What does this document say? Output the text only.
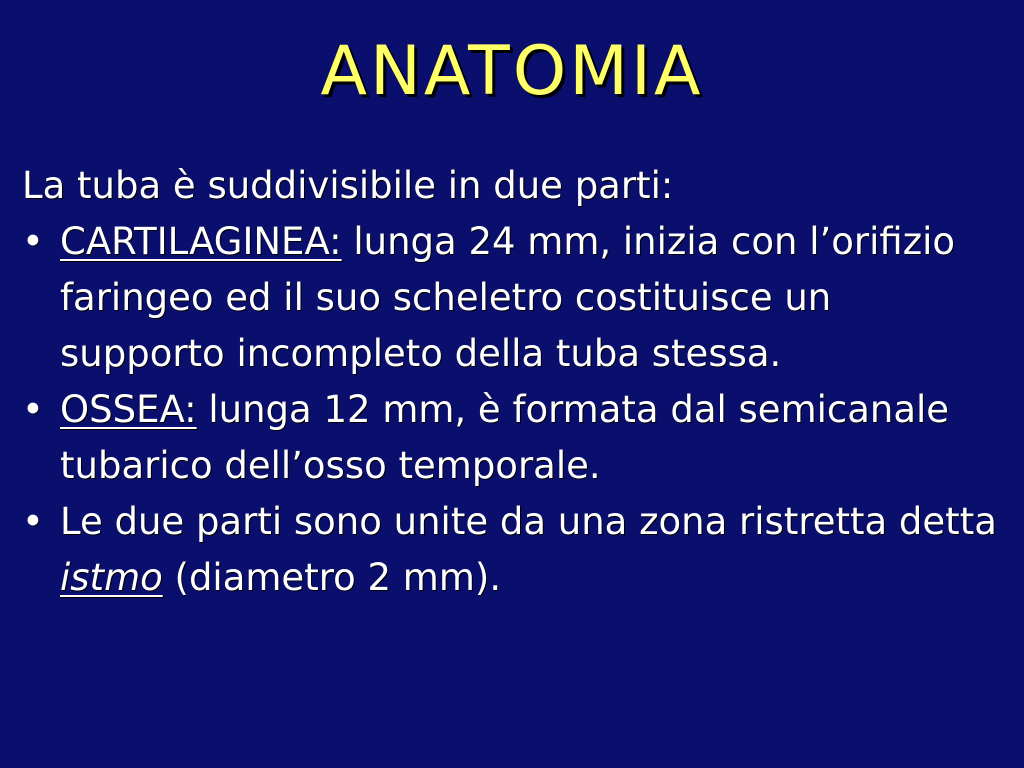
ANATOMIA

La tuba è suddivisibile in due parti:

• CARTILAGINEA: lunga 24 mm, inizia con l’orifizio faringeo ed il suo scheletro costituisce un supporto incompleto della tuba stessa.
• OSSEA: lunga 12 mm, è formata dal semicanale tubarico dell’osso temporale.
• Le due parti sono unite da una zona ristretta detta istmo (diametro 2 mm).
